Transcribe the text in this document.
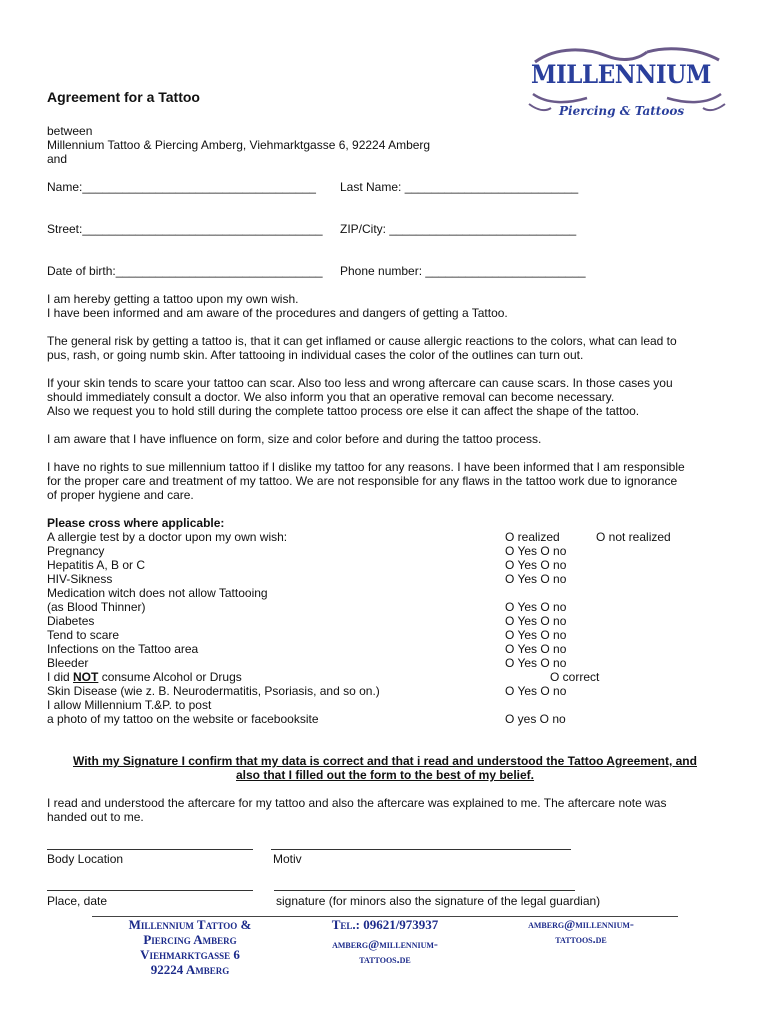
MILLENNIUM
Piercing & Tattoos
Agreement for a Tattoo
between
Millennium Tattoo & Piercing Amberg, Viehmarktgasse 6, 92224 Amberg
and
Name:___________________________________ Last Name: __________________________
Street:____________________________________ ZIP/City: ____________________________
Date of birth:_______________________________ Phone number: ________________________
I am hereby getting a tattoo upon my own wish.
I have been informed and am aware of the procedures and dangers of getting a Tattoo.
The general risk by getting a tattoo is, that it can get inflamed or cause allergic reactions to the colors, what can lead to
pus, rash, or going numb skin. After tattooing in individual cases the color of the outlines can turn out.
If your skin tends to scare your tattoo can scar. Also too less and wrong aftercare can cause scars. In those cases you
should immediately consult a doctor. We also inform you that an operative removal can become necessary.
Also we request you to hold still during the complete tattoo process ore else it can affect the shape of the tattoo.
I am aware that I have influence on form, size and color before and during the tattoo process.
I have no rights to sue millennium tattoo if I dislike my tattoo for any reasons. I have been informed that I am responsible
for the proper care and treatment of my tattoo. We are not responsible for any flaws in the tattoo work due to ignorance
of proper hygiene and care.
Please cross where applicable:
A allergie test by a doctor upon my own wish:	O realized	O not realized
Pregnancy	O Yes O no
Hepatitis A, B or C	O Yes O no
HIV-Sikness	O Yes O no
Medication witch does not allow Tattooing
(as Blood Thinner)	O Yes O no
Diabetes	O Yes O no
Tend to scare	O Yes O no
Infections on the Tattoo area	O Yes O no
Bleeder	O Yes O no
I did NOT consume Alcohol or Drugs	O correct
Skin Disease (wie z. B. Neurodermatitis, Psoriasis, and so on.)	O Yes O no
I allow Millennium T.&P. to post
a photo of my tattoo on the website or facebooksite	O yes O no
With my Signature I confirm that my data is correct and that i read and understood the Tattoo Agreement, and
also that I filled out the form to the best of my belief.
I read and understood the aftercare for my tattoo and also the aftercare was explained to me. The aftercare note was
handed out to me.
Body Location	Motiv
Place, date	signature (for minors also the signature of the legal guardian)
Millennium Tattoo &
Piercing Amberg
Viehmarktgasse 6
92224 Amberg
Tel.: 09621/973937
amberg@millennium-
tattoos.de
amberg@millennium-
tattoos.de
